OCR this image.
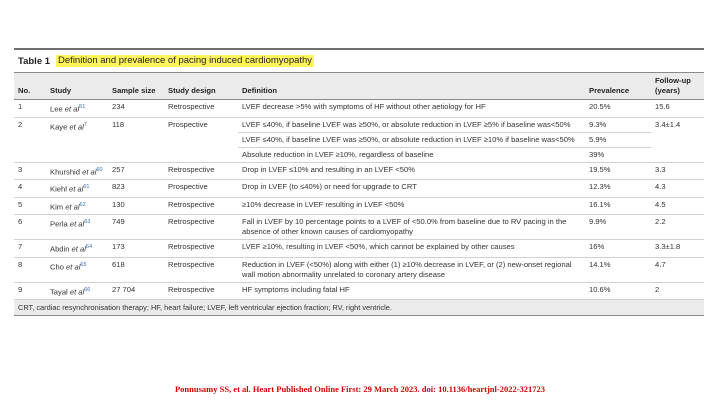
Table 1 Definition and prevalence of pacing induced cardiomyopathy
No.	Study	Sample size	Study design	Definition	Prevalence	Follow-up (years)
1	Lee et $al^{51}$	234	Retrospective	LVEF decrease >5% with symptoms of HF without other aetiology for HF	20.5%	15.6
2	Kaye et $al^7$	118	Prospective	LVEF ≤40%, if baseline LVEF was ≥50%, or absolute reduction in LVEF ≥5% if baseline was<50%	9.3%	3.4±1.4
				LVEF ≤40%, if baseline LVEF was ≥50%, or absolute reduction in LVEF ≥10% if baseline was<50%	5.9%	
				Absolute reduction in LVEF ≥10%, regardless of baseline	39%	
3	Khurshid et $al^{60}$	257	Retrospective	Drop in LVEF ≤10% and resulting in an LVEF <50%	19.5%	3.3
4	Kiehl et $al^{61}$	823	Prospective	Drop in LVEF (to ≤40%) or need for upgrade to CRT	12.3%	4.3
5	Kim et $al^{62}$	130	Retrospective	≥10% decrease in LVEF resulting in LVEF <50%	16.1%	4.5
6	Perla et $al^{63}$	749	Retrospective	Fall in LVEF by 10 percentage points to a LVEF of <50.0% from baseline due to RV pacing in the absence of other known causes of cardiomyopathy	9.9%	2.2
7	Abdin et $al^{64}$	173	Retrospective	LVEF ≥10%, resulting in LVEF <50%, which cannot be explained by other causes	16%	3.3±1.8
8	Cho et $al^{65}$	618	Retrospective	Reduction in LVEF (<50%) along with either (1) ≥10% decrease in LVEF, or (2) new-onset regional wall motion abnormality unrelated to coronary artery disease	14.1%	4.7
9	Tayal et $al^{66}$	27 704	Retrospective	HF symptoms including fatal HF	10.6%	2
CRT, cardiac resynchronisation therapy; HF, heart failure; LVEF, left ventricular ejection fraction; RV, right ventricle.						
Ponnusamy SS, et al. Heart Published Online First: 29 March 2023. doi: 10.1136/heartjnl-2022-321723
